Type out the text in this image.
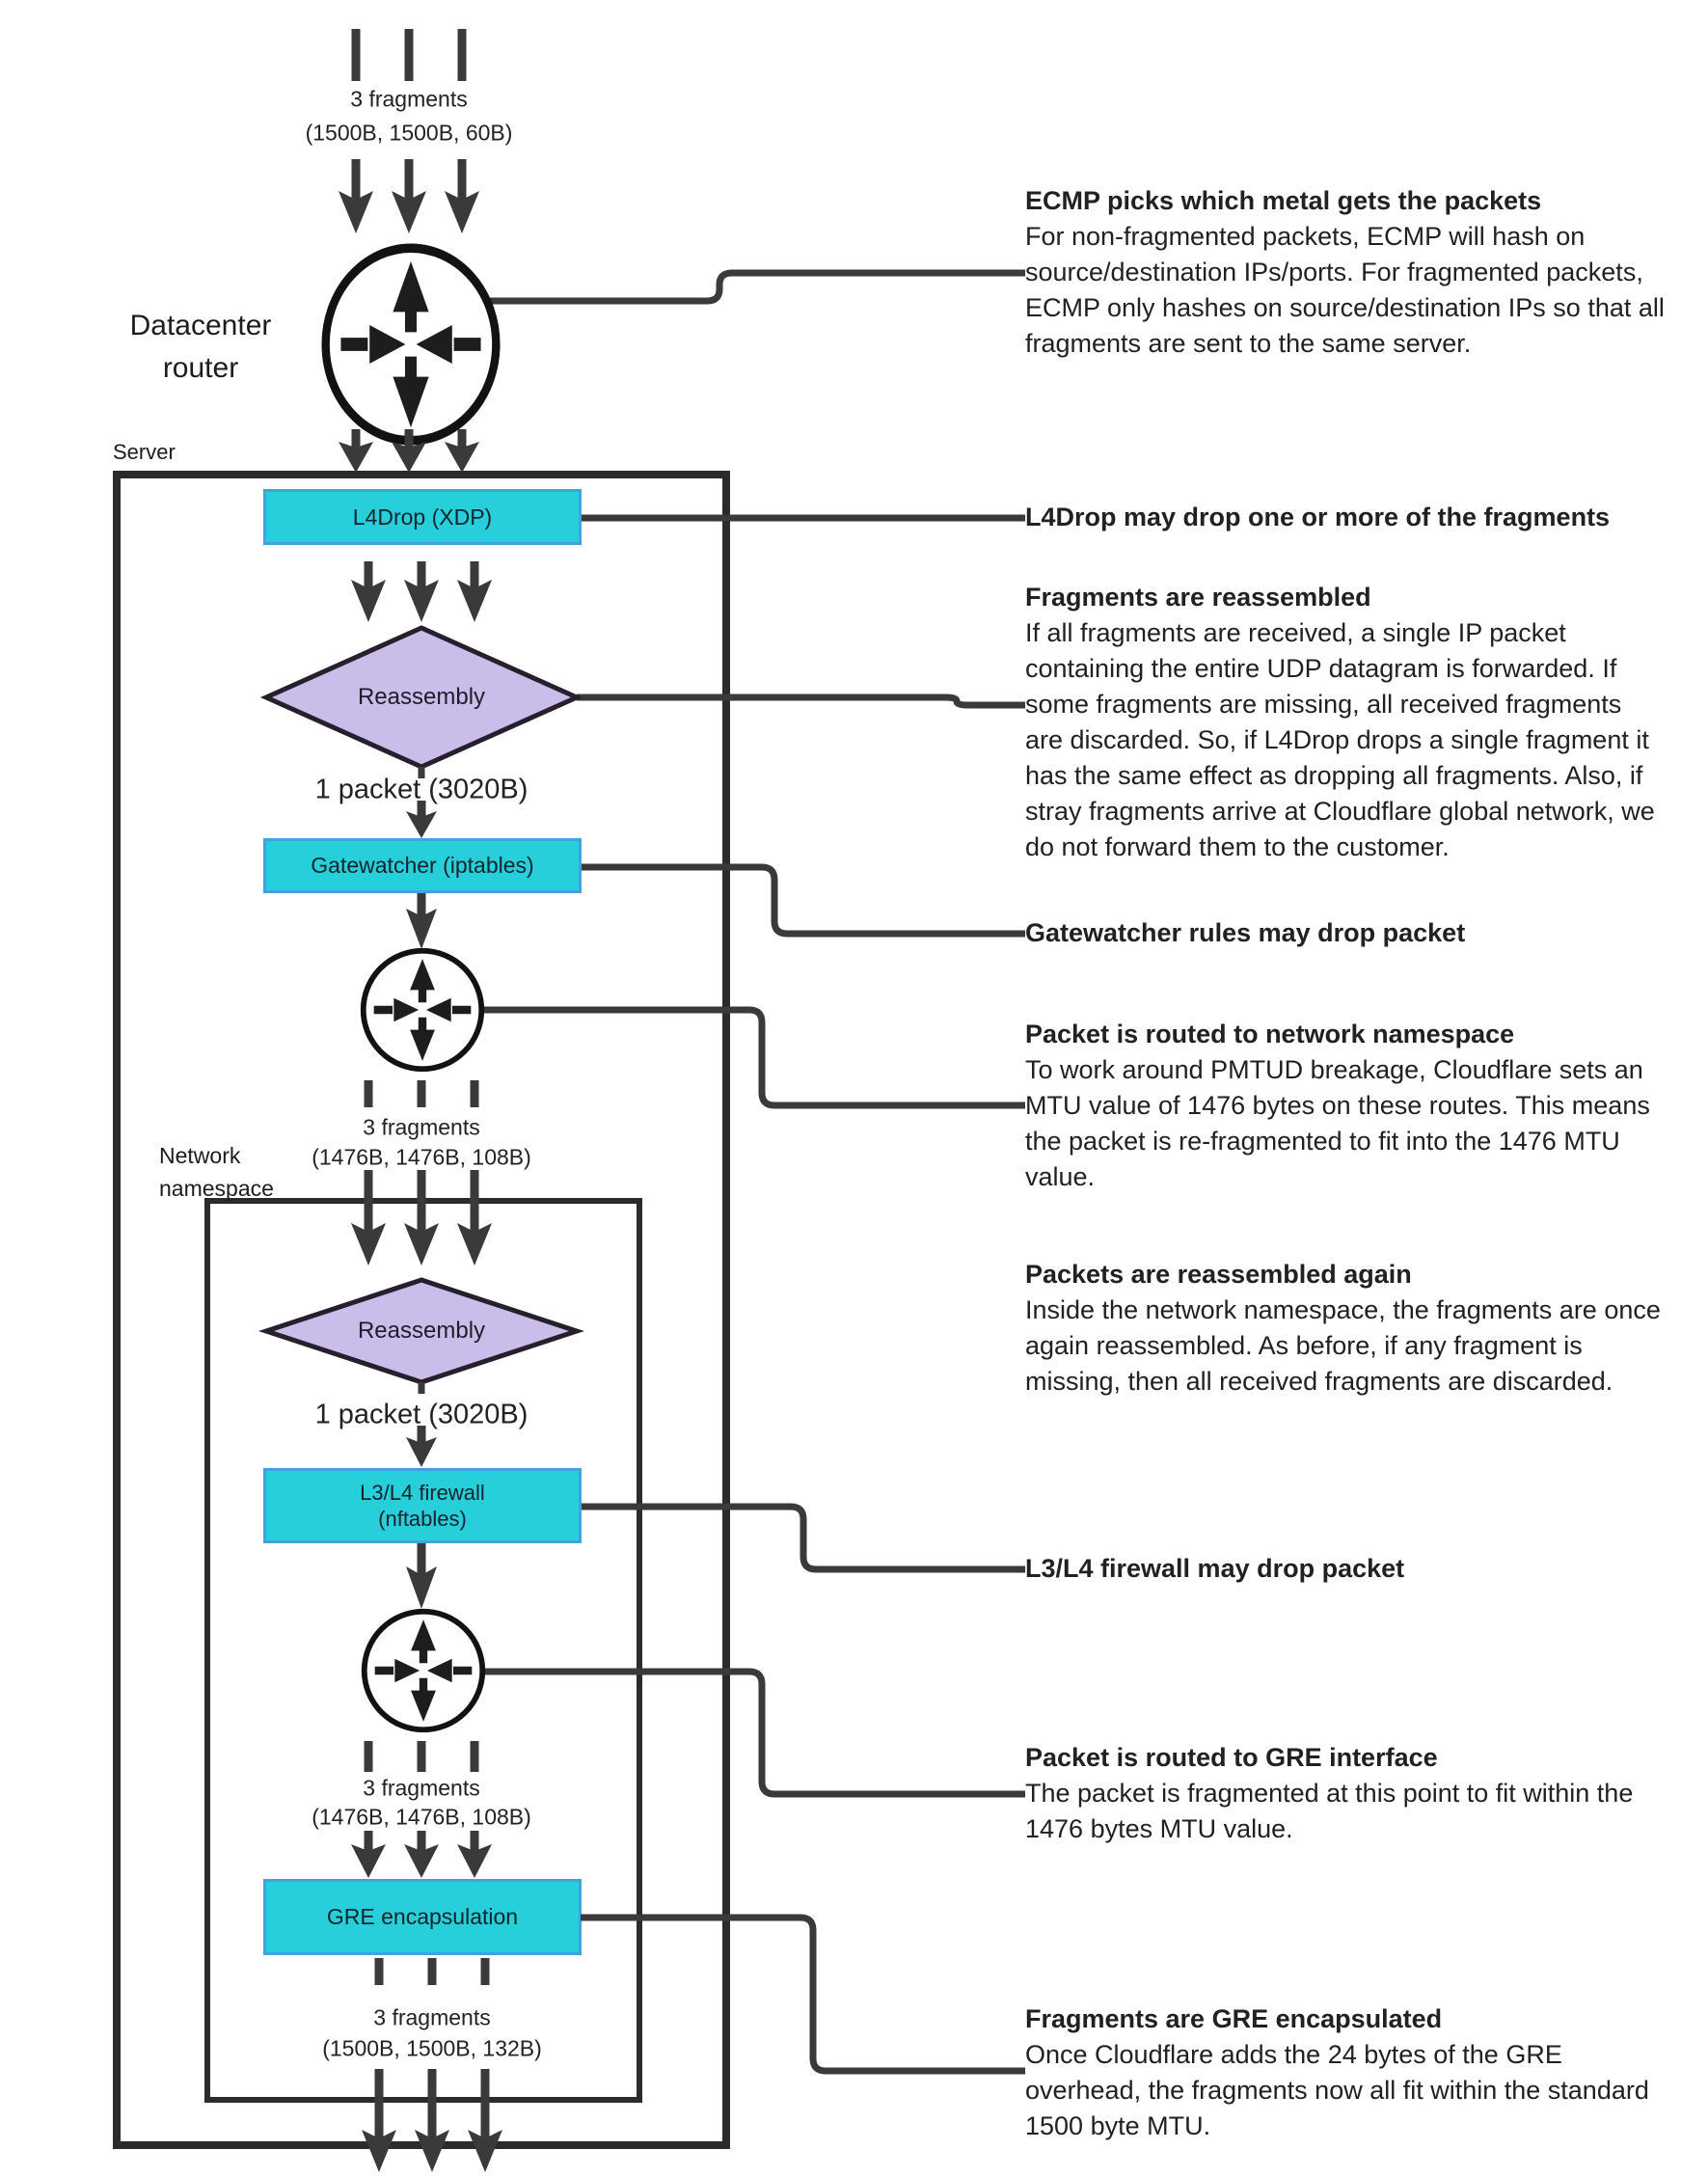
L4Drop (XDP)
Gatewatcher (iptables)
L3/L4 firewall
(nftables)
GRE encapsulation
3 fragments
(1500B, 1500B, 60B)
Datacenter
router
Server
1 packet (3020B)
3 fragments
(1476B, 1476B, 108B)
Network
namespace
Reassembly
Reassembly
1 packet (3020B)
3 fragments
(1476B, 1476B, 108B)
3 fragments
(1500B, 1500B, 132B)
ECMP picks which metal gets the packets
For non-fragmented packets, ECMP will hash on
source/destination IPs/ports. For fragmented packets,
ECMP only hashes on source/destination IPs so that all
fragments are sent to the same server.
L4Drop may drop one or more of the fragments
Fragments are reassembled
If all fragments are received, a single IP packet
containing the entire UDP datagram is forwarded. If
some fragments are missing, all received fragments
are discarded. So, if L4Drop drops a single fragment it
has the same effect as dropping all fragments. Also, if
stray fragments arrive at Cloudflare global network, we
do not forward them to the customer.
Gatewatcher rules may drop packet
Packet is routed to network namespace
To work around PMTUD breakage, Cloudflare sets an
MTU value of 1476 bytes on these routes. This means
the packet is re-fragmented to fit into the 1476 MTU
value.
Packets are reassembled again
Inside the network namespace, the fragments are once
again reassembled. As before, if any fragment is
missing, then all received fragments are discarded.
L3/L4 firewall may drop packet
Packet is routed to GRE interface
The packet is fragmented at this point to fit within the
1476 bytes MTU value.
Fragments are GRE encapsulated
Once Cloudflare adds the 24 bytes of the GRE
overhead, the fragments now all fit within the standard
1500 byte MTU.
